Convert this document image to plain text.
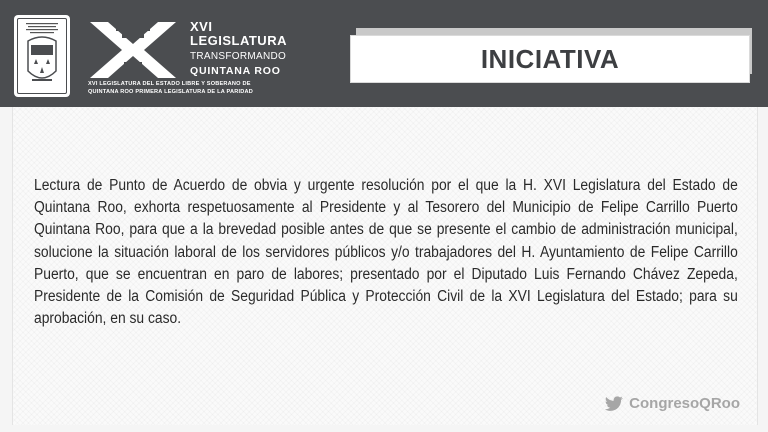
XVI
LEGISLATURA
TRANSFORMANDO
QUINTANA ROO
XVI LEGISLATURA DEL ESTADO LIBRE Y SOBERANO DE
QUINTANA ROO PRIMERA LEGISLATURA DE LA PARIDAD
INICIATIVA
Lectura de Punto de Acuerdo de obvia y urgente resolución por el que la H. XVI Legislatura del Estado de Quintana Roo, exhorta respetuosamente al Presidente y al Tesorero del Municipio de Felipe Carrillo Puerto Quintana Roo, para que a la brevedad posible antes de que se presente el cambio de administración municipal, solucione la situación laboral de los servidores públicos y/o trabajadores del H. Ayuntamiento de Felipe Carrillo Puerto, que se encuentran en paro de labores; presentado por el Diputado Luis Fernando Chávez Zepeda, Presidente de la Comisión de Seguridad Pública y Protección Civil de la XVI Legislatura del Estado; para su aprobación, en su caso.
CongresoQRoo
